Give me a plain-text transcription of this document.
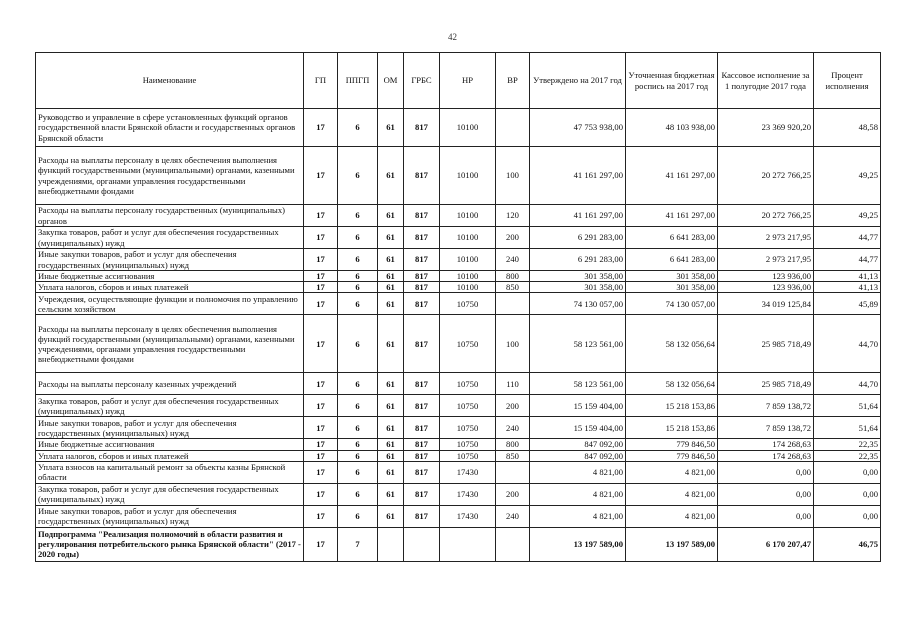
42
Наименование	ГП	ППГП	ОМ	ГРБС	НР	ВР	Утверждено на 2017 год	Уточненная бюджетная роспись на 2017 год	Кассовое исполнение за 1 полугодие 2017 года	Процент исполнения
Руководство и управление в сфере установленных функций органов государственной власти Брянской области и государственных органов Брянской области	17	6	61	817	10100		47 753 938,00	48 103 938,00	23 369 920,20	48,58
Расходы на выплаты персоналу в целях обеспечения выполнения функций государственными (муниципальными) органами, казенными учреждениями, органами управления государственными внебюджетными фондами	17	6	61	817	10100	100	41 161 297,00	41 161 297,00	20 272 766,25	49,25
Расходы на выплаты персоналу государственных (муниципальных) органов	17	6	61	817	10100	120	41 161 297,00	41 161 297,00	20 272 766,25	49,25
Закупка товаров, работ и услуг для обеспечения государственных (муниципальных) нужд	17	6	61	817	10100	200	6 291 283,00	6 641 283,00	2 973 217,95	44,77
Иные закупки товаров, работ и услуг для обеспечения государственных (муниципальных) нужд	17	6	61	817	10100	240	6 291 283,00	6 641 283,00	2 973 217,95	44,77
Иные бюджетные ассигнования	17	6	61	817	10100	800	301 358,00	301 358,00	123 936,00	41,13
Уплата налогов, сборов и иных платежей	17	6	61	817	10100	850	301 358,00	301 358,00	123 936,00	41,13
Учреждения, осуществляющие функции и полномочия по управлению сельским хозяйством	17	6	61	817	10750		74 130 057,00	74 130 057,00	34 019 125,84	45,89
Расходы на выплаты персоналу в целях обеспечения выполнения функций государственными (муниципальными) органами, казенными учреждениями, органами управления государственными внебюджетными фондами	17	6	61	817	10750	100	58 123 561,00	58 132 056,64	25 985 718,49	44,70
Расходы на выплаты персоналу казенных учреждений	17	6	61	817	10750	110	58 123 561,00	58 132 056,64	25 985 718,49	44,70
Закупка товаров, работ и услуг для обеспечения государственных (муниципальных) нужд	17	6	61	817	10750	200	15 159 404,00	15 218 153,86	7 859 138,72	51,64
Иные закупки товаров, работ и услуг для обеспечения государственных (муниципальных) нужд	17	6	61	817	10750	240	15 159 404,00	15 218 153,86	7 859 138,72	51,64
Иные бюджетные ассигнования	17	6	61	817	10750	800	847 092,00	779 846,50	174 268,63	22,35
Уплата налогов, сборов и иных платежей	17	6	61	817	10750	850	847 092,00	779 846,50	174 268,63	22,35
Уплата взносов на капитальный ремонт за объекты казны Брянской области	17	6	61	817	17430		4 821,00	4 821,00	0,00	0,00
Закупка товаров, работ и услуг для обеспечения государственных (муниципальных) нужд	17	6	61	817	17430	200	4 821,00	4 821,00	0,00	0,00
Иные закупки товаров, работ и услуг для обеспечения государственных (муниципальных) нужд	17	6	61	817	17430	240	4 821,00	4 821,00	0,00	0,00
Подпрограмма "Реализация полномочий в области развития и регулирования потребительского рынка Брянской области" (2017 - 2020 годы)	17	7					13 197 589,00	13 197 589,00	6 170 207,47	46,75
